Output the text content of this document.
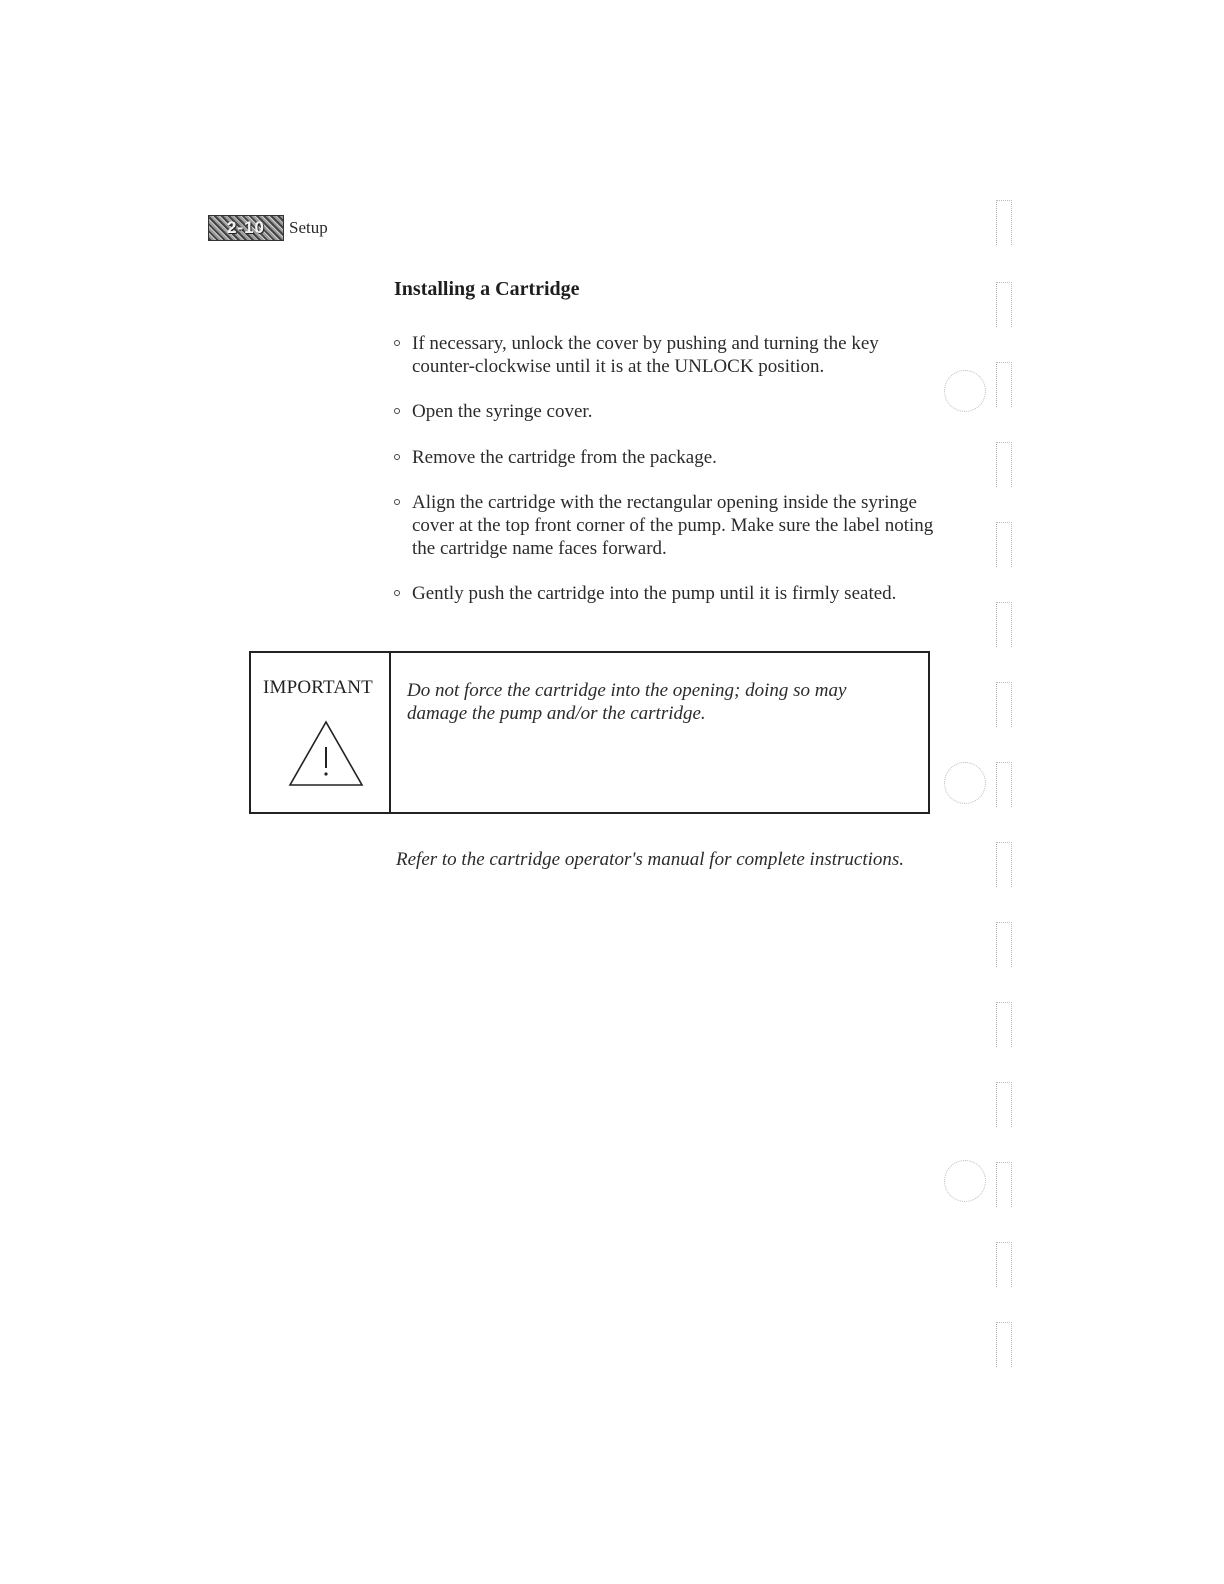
2-10	Setup
Installing a Cartridge
If necessary, unlock the cover by pushing and turning the key counter-clockwise until it is at the UNLOCK position.
Open the syringe cover.
Remove the cartridge from the package.
Align the cartridge with the rectangular opening inside the syringe cover at the top front corner of the pump. Make sure the label noting the cartridge name faces forward.
Gently push the cartridge into the pump until it is firmly seated.
IMPORTANT Do not force the cartridge into the opening; doing so may damage the pump and/or the cartridge.

Refer to the cartridge operator's manual for complete instructions.
